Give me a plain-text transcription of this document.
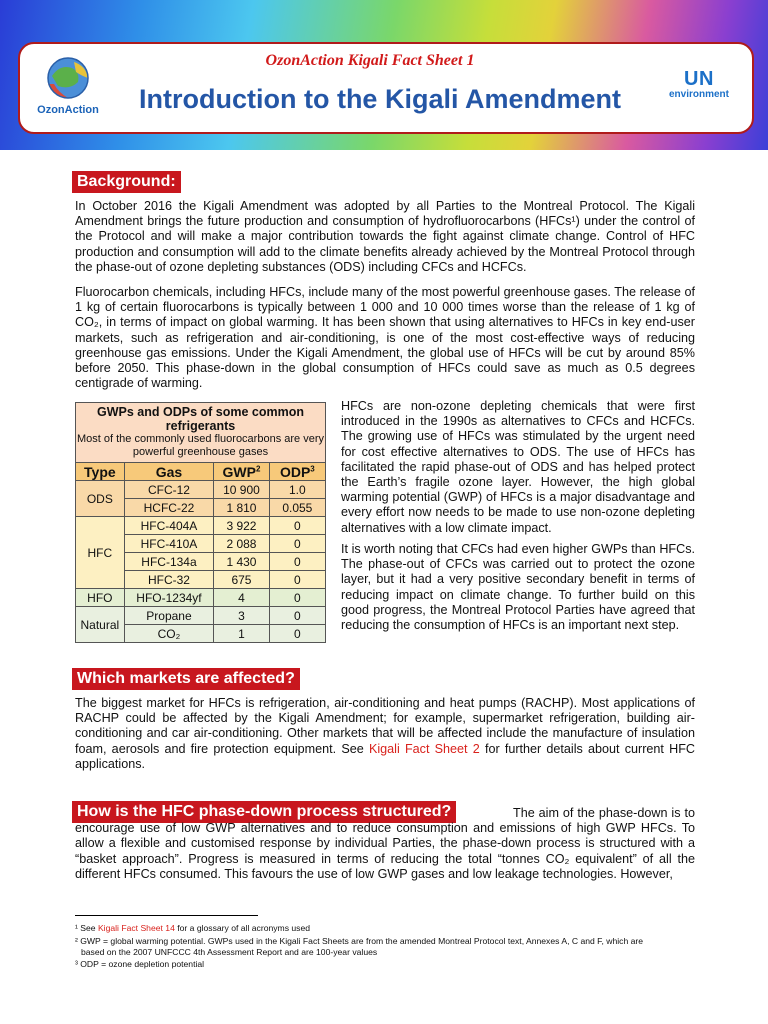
OzonAction
OzonAction Kigali Fact Sheet 1
Introduction to the Kigali Amendment
UN
environment
Background:

In October 2016 the Kigali Amendment was adopted by all Parties to the Montreal Protocol. The Kigali Amendment brings the future production and consumption of hydrofluorocarbons (HFCs¹) under the control of the Protocol and will make a major contribution towards the fight against climate change. Control of HFC production and consumption will add to the climate benefits already achieved by the Montreal Protocol through the phase-out of ozone depleting substances (ODS) including CFCs and HCFCs.

Fluorocarbon chemicals, including HFCs, include many of the most powerful greenhouse gases. The release of 1 kg of certain fluorocarbons is typically between 1 000 and 10 000 times worse than the release of 1 kg of CO₂, in terms of impact on global warming. It has been shown that using alternatives to HFCs in key end-user markets, such as refrigeration and air-conditioning, is one of the most cost-effective ways of reducing greenhouse gas emissions. Under the Kigali Amendment, the global use of HFCs will be cut by around 85% before 2050. This phase-down in the global consumption of HFCs could save as much as 0.5 degrees centigrade of warming.

GWPs and ODPs of some common refrigerants
Most of the commonly used fluorocarbons are very powerful greenhouse gases			

Type	Gas	GWP$^2$	ODP$^3$
ODS	CFC-12	10 900	1.0
	HCFC-22	1 810	0.055
HFC	HFC-404A	3 922	0
	HFC-410A	2 088	0
	HFC-134a	1 430	0
	HFC-32	675	0
HFO	HFO-1234yf	4	0
Natural	Propane	3	0
	CO₂	1	0

HFCs are non-ozone depleting chemicals that were first introduced in the 1990s as alternatives to CFCs and HCFCs. The growing use of HFCs was stimulated by the urgent need for cost effective alternatives to ODS. The use of HFCs has facilitated the rapid phase-out of ODS and has helped protect the Earth’s fragile ozone layer. However, the high global warming potential (GWP) of HFCs is a major disadvantage and every effort now needs to be made to use non-ozone depleting alternatives with a low climate impact.

It is worth noting that CFCs had even higher GWPs than HFCs. The phase-out of CFCs was carried out to protect the ozone layer, but it had a very positive secondary benefit in terms of reducing impact on climate change. To further build on this good progress, the Montreal Protocol Parties have agreed that reducing the consumption of HFCs is an important next step.

Which markets are affected?

The biggest market for HFCs is refrigeration, air-conditioning and heat pumps (RACHP). Most applications of RACHP could be affected by the Kigali Amendment; for example, supermarket refrigeration, building air-conditioning and car air-conditioning. Other markets that will be affected include the manufacture of insulation foam, aerosols and fire protection equipment. See Kigali Fact Sheet 2 for further details about current HFC applications.

How is the HFC phase-down process structured?	The aim of the phase-down is to encourage use of low GWP alternatives and to reduce consumption and emissions of high GWP HFCs. To allow a flexible and customised response by individual Parties, the phase-down process is structured with a “basket approach”. Progress is measured in terms of reducing the total “tonnes CO₂ equivalent” of all the different HFCs consumed. This favours the use of low GWP gases and low leakage technologies. However,

¹ See Kigali Fact Sheet 14 for a glossary of all acronyms used
² GWP = global warming potential. GWPs used in the Kigali Fact Sheets are from the amended Montreal Protocol text, Annexes A, C and F, which are
based on the 2007 UNFCCC 4th Assessment Report and are 100-year values
³ ODP = ozone depletion potential
